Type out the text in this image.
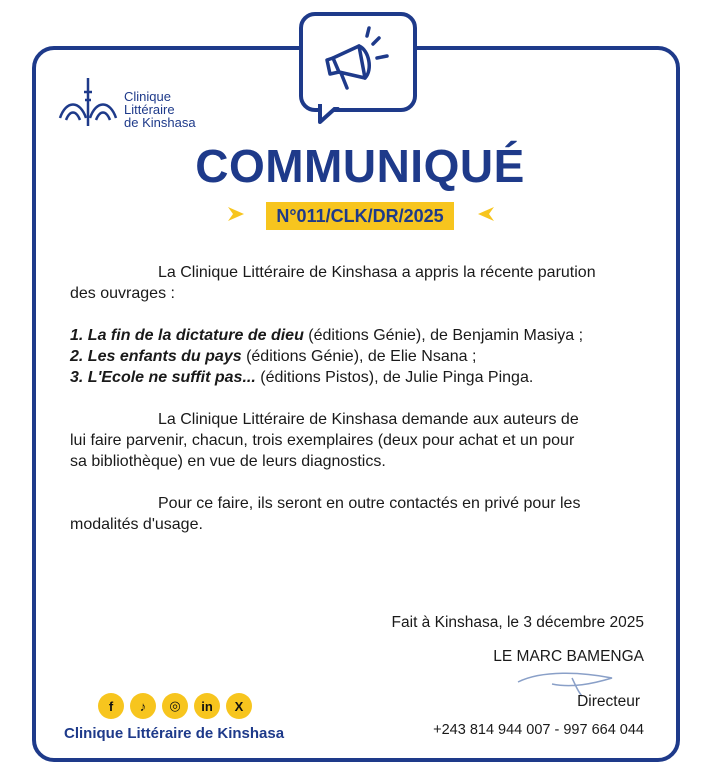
Clinique
Littéraire
de Kinshasa
COMMUNIQUÉ
N°011/CLK/DR/2025

La Clinique Littéraire de Kinshasa a appris la récente parution

des ouvrages :

1. La fin de la dictature de dieu (éditions Génie), de Benjamin Masiya ;

2. Les enfants du pays (éditions Génie), de Elie Nsana ;

3. L'Ecole ne suffit pas... (éditions Pistos), de Julie Pinga Pinga.

La Clinique Littéraire de Kinshasa demande aux auteurs de

lui faire parvenir, chacun, trois exemplaires (deux pour achat et un pour

sa bibliothèque) en vue de leurs diagnostics.

Pour ce faire, ils seront en outre contactés en privé pour les

modalités d'usage.

Fait à Kinshasa, le 3 décembre 2025
LE MARC BAMENGA
Directeur
+243 814 944 007 - 997 664 044
f	♪	◎	in	X
Clinique Littéraire de Kinshasa
